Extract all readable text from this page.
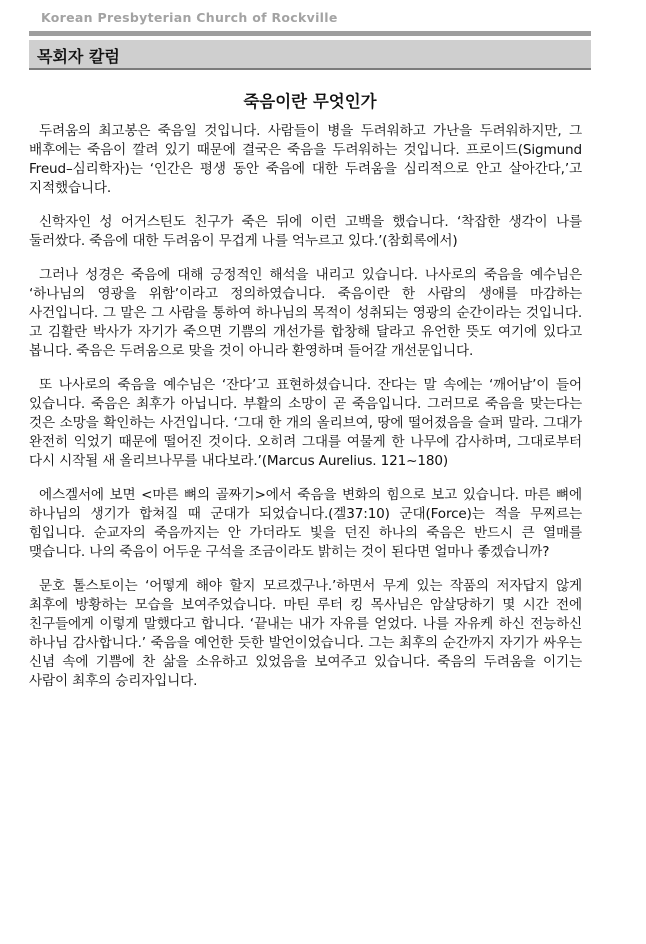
Korean Presbyterian Church of Rockville
목회자 칼럼
죽음이란 무엇인가

두려움의 최고봉은 죽음일 것입니다. 사람들이 병을 두려워하고 가난을 두려워하지만, 그 배후에는 죽음이 깔려 있기 때문에 결국은 죽음을 두려워하는 것입니다. 프로이드(Sigmund Freud–심리학자)는 ‘인간은 평생 동안 죽음에 대한 두려움을 심리적으로 안고 살아간다,’고 지적했습니다.

신학자인 성 어거스틴도 친구가 죽은 뒤에 이런 고백을 했습니다. ‘착잡한 생각이 나를 둘러쌌다. 죽음에 대한 두려움이 무겁게 나를 억누르고 있다.’(참회록에서)

그러나 성경은 죽음에 대해 긍정적인 해석을 내리고 있습니다. 나사로의 죽음을 예수님은 ‘하나님의 영광을 위함’이라고 정의하였습니다. 죽음이란 한 사람의 생애를 마감하는 사건입니다. 그 말은 그 사람을 통하여 하나님의 목적이 성취되는 영광의 순간이라는 것입니다. 고 김활란 박사가 자기가 죽으면 기쁨의 개선가를 합창해 달라고 유언한 뜻도 여기에 있다고 봅니다. 죽음은 두려움으로 맞을 것이 아니라 환영하며 들어갈 개선문입니다.

또 나사로의 죽음을 예수님은 ‘잔다’고 표현하셨습니다. 잔다는 말 속에는 ‘깨어남’이 들어 있습니다. 죽음은 최후가 아닙니다. 부활의 소망이 곧 죽음입니다. 그러므로 죽음을 맞는다는 것은 소망을 확인하는 사건입니다. ‘그대 한 개의 올리브여, 땅에 떨어졌음을 슬퍼 말라. 그대가 완전히 익었기 때문에 떨어진 것이다. 오히려 그대를 여물게 한 나무에 감사하며, 그대로부터 다시 시작될 새 올리브나무를 내다보라.’(Marcus Aurelius. 121~180)

에스겔서에 보면 <마른 뼈의 골짜기>에서 죽음을 변화의 힘으로 보고 있습니다. 마른 뼈에 하나님의 생기가 합쳐질 때 군대가 되었습니다.(겔37:10) 군대(Force)는 적을 무찌르는 힘입니다. 순교자의 죽음까지는 안 가더라도 빛을 던진 하나의 죽음은 반드시 큰 열매를 맺습니다. 나의 죽음이 어두운 구석을 조금이라도 밝히는 것이 된다면 얼마나 좋겠습니까?

문호 톨스토이는 ‘어떻게 해야 할지 모르겠구나.’하면서 무게 있는 작품의 저자답지 않게 최후에 방황하는 모습을 보여주었습니다. 마틴 루터 킹 목사님은 암살당하기 몇 시간 전에 친구들에게 이렇게 말했다고 합니다. ‘끝내는 내가 자유를 얻었다. 나를 자유케 하신 전능하신 하나님 감사합니다.’ 죽음을 예언한 듯한 발언이었습니다. 그는 최후의 순간까지 자기가 싸우는 신념 속에 기쁨에 찬 삶을 소유하고 있었음을 보여주고 있습니다. 죽음의 두려움을 이기는 사람이 최후의 승리자입니다.
